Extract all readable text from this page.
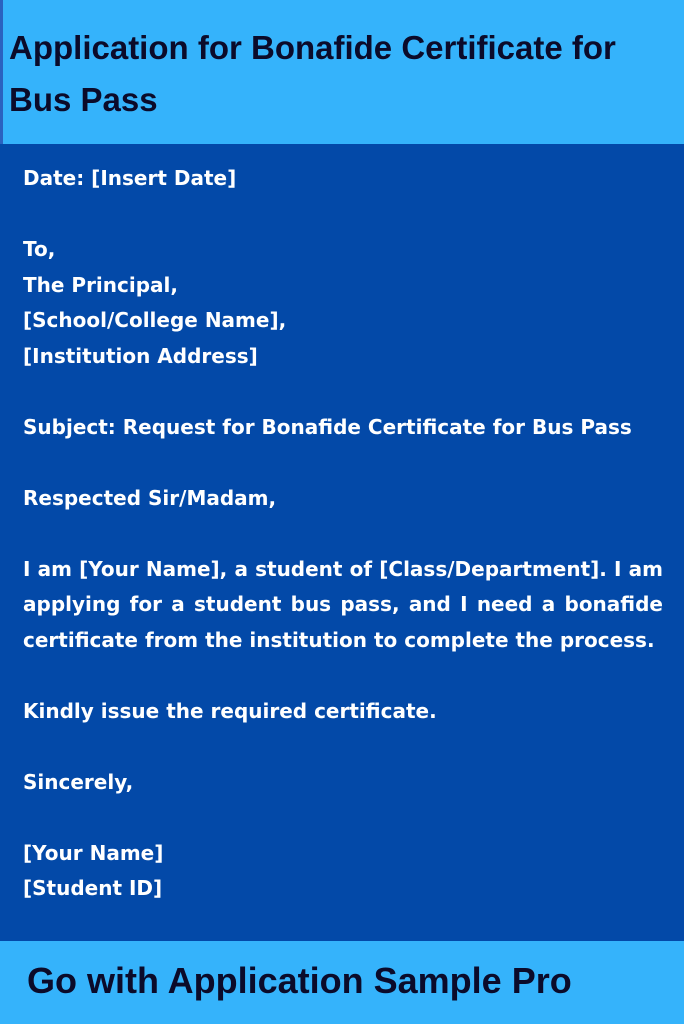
Application for Bonafide Certificate for Bus Pass

Date: [Insert Date]

To,
The Principal,
[School/College Name],
[Institution Address]

Subject: Request for Bonafide Certificate for Bus Pass

Respected Sir/Madam,

I am [Your Name], a student of [Class/Department]. I am applying for a student bus pass, and I need a bonafide certificate from the institution to complete the process.

Kindly issue the required certificate.

Sincerely,

[Your Name]
[Student ID]

Go with Application Sample Pro
